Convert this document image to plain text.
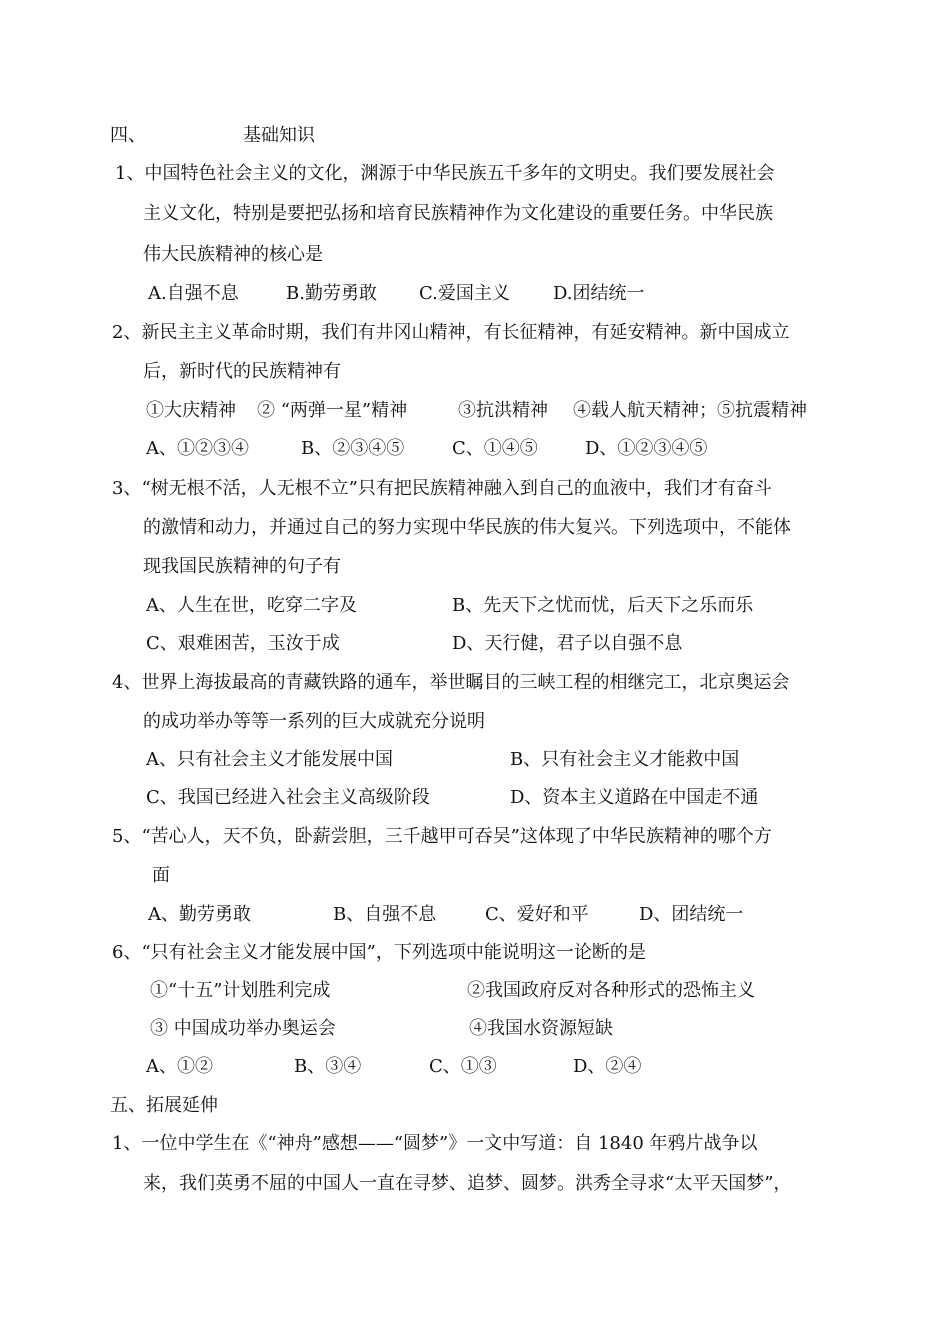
四、	基础知识
1、中国特色社会主义的文化，渊源于中华民族五千多年的文明史。我们要发展社会
主义文化，特别是要把弘扬和培育民族精神作为文化建设的重要任务。中华民族
伟大民族精神的核心是
A.自强不息	B.勤劳勇敢 C.爱国主义 D.团结统一
2、新民主主义革命时期，我们有井冈山精神，有长征精神，有延安精神。新中国成立
后，新时代的民族精神有
①大庆精神 ② “两弹一星”精神	③抗洪精神 ④载人航天精神；⑤抗震精神
A、①②③④	B、②③④⑤	C、①④⑤	D、①②③④⑤
3、“树无根不活，人无根不立”只有把民族精神融入到自己的血液中，我们才有奋斗
的激情和动力，并通过自己的努力实现中华民族的伟大复兴。下列选项中，不能体
现我国民族精神的句子有
A、人生在世，吃穿二字及	B、先天下之忧而忧，后天下之乐而乐
C、艰难困苦，玉汝于成	D、天行健，君子以自强不息
4、世界上海拔最高的青藏铁路的通车，举世瞩目的三峡工程的相继完工，北京奥运会
的成功举办等等一系列的巨大成就充分说明
A、只有社会主义才能发展中国	B、只有社会主义才能救中国
C、我国已经进入社会主义高级阶段	D、资本主义道路在中国走不通
5、“苦心人，天不负，卧薪尝胆，三千越甲可吞吴”这体现了中华民族精神的哪个方
面
A、勤劳勇敢	B、自强不息	C、爱好和平	D、团结统一
6、“只有社会主义才能发展中国”，下列选项中能说明这一论断的是
①“十五”计划胜利完成	②我国政府反对各种形式的恐怖主义
③ 中国成功举办奥运会	④我国水资源短缺
A、①②	B、③④	C、①③	D、②④
五、拓展延伸
1、一位中学生在《“神舟”感想——“圆梦”》一文中写道：自 1840 年鸦片战争以
来，我们英勇不屈的中国人一直在寻梦、追梦、圆梦。洪秀全寻求“太平天国梦”，
